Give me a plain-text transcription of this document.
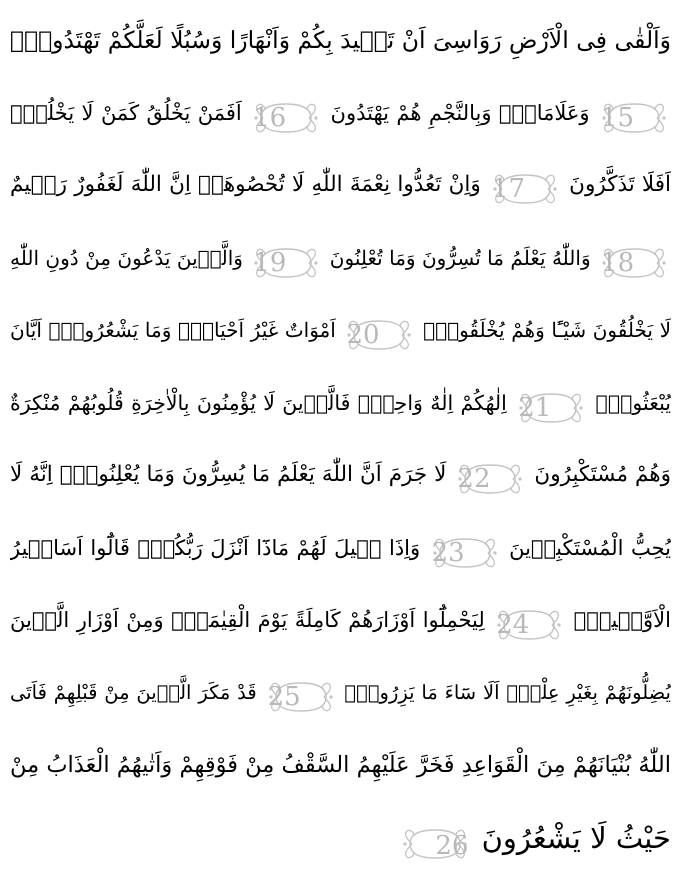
وَاَلْقٰى فِى الْاَرْضِ رَوَاسِىَ اَنْ تَم۪يدَ بِكُمْ وَاَنْهَارًا وَسُبُلًا لَعَلَّكُمْ تَهْتَدُونَۙ
15 وَعَلَامَاتٍۜ وَبِالنَّجْمِ هُمْ يَهْتَدُونَ
16 اَفَمَنْ يَخْلُقُ كَمَنْ لَا يَخْلُقُۜ
اَفَلَا تَذَكَّرُونَ
17 وَاِنْ تَعُدُّوا نِعْمَةَ اللّٰهِ لَا تُحْصُوهَاۜ اِنَّ اللّٰهَ لَغَفُورٌ رَح۪يمٌ
18 وَاللّٰهُ يَعْلَمُ مَا تُسِرُّونَ وَمَا تُعْلِنُونَ
19 وَالَّذ۪ينَ يَدْعُونَ مِنْ دُونِ اللّٰهِ
لَا يَخْلُقُونَ شَيْـًٔا وَهُمْ يُخْلَقُونَۜ
20 اَمْوَاتٌ غَيْرُ اَحْيَاءٍۚ وَمَا يَشْعُرُونَۙ اَيَّانَ
يُبْعَثُونَ۟
21 اِلٰهُكُمْ اِلٰهٌ وَاحِدٌۚ فَالَّذ۪ينَ لَا يُؤْمِنُونَ بِالْاٰخِرَةِ قُلُوبُهُمْ مُنْكِرَةٌ
وَهُمْ مُسْتَكْبِرُونَ
22 لَا جَرَمَ اَنَّ اللّٰهَ يَعْلَمُ مَا يُسِرُّونَ وَمَا يُعْلِنُونَۜ اِنَّهُ لَا
يُحِبُّ الْمُسْتَكْبِر۪ينَ
23 وَاِذَا ق۪يلَ لَهُمْ مَاذَٓا اَنْزَلَ رَبُّكُمْۙ قَالُٓوا اَسَاط۪يرُ
الْاَوَّل۪ينَۙ
24 لِيَحْمِلُٓوا اَوْزَارَهُمْ كَامِلَةً يَوْمَ الْقِيٰمَةِۙ وَمِنْ اَوْزَارِ الَّذ۪ينَ
يُضِلُّونَهُمْ بِغَيْرِ عِلْمٍۜ اَلَا سَٓاءَ مَا يَزِرُونَ۟
25 قَدْ مَكَرَ الَّذ۪ينَ مِنْ قَبْلِهِمْ فَاَتَى
اللّٰهُ بُنْيَانَهُمْ مِنَ الْقَوَاعِدِ فَخَرَّ عَلَيْهِمُ السَّقْفُ مِنْ فَوْقِهِمْ وَاَتٰيهُمُ الْعَذَابُ مِنْ
حَيْثُ لَا يَشْعُرُونَ
26
